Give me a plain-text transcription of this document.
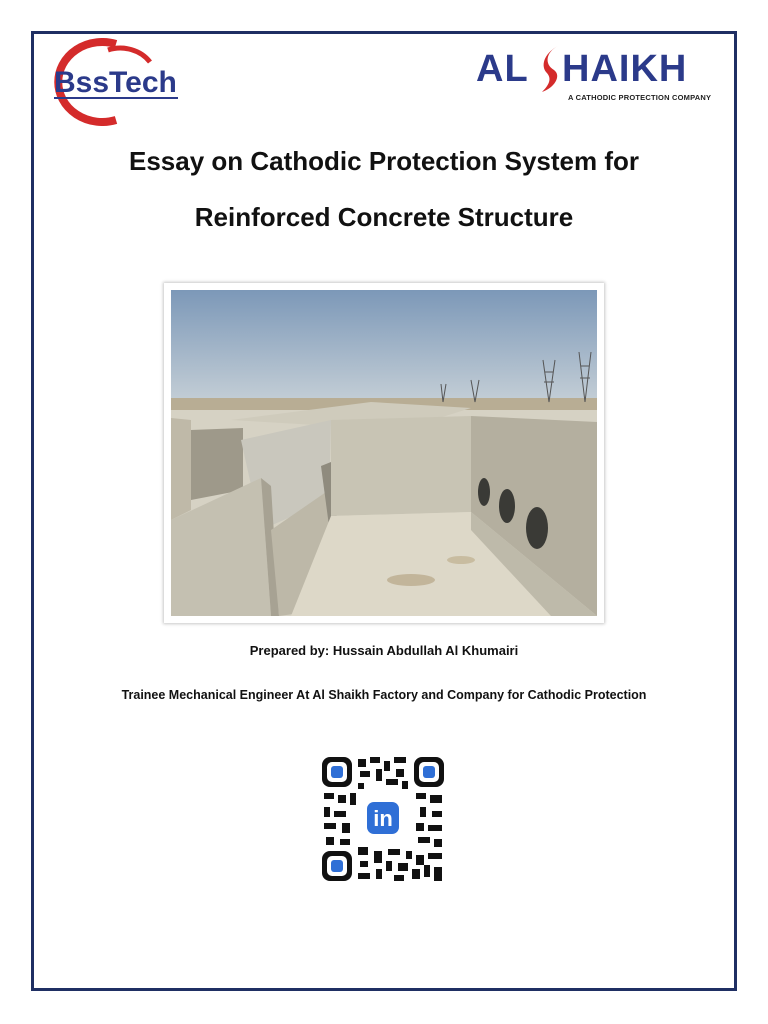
BssTech	AL HAIKH
A CATHODIC PROTECTION COMPANY
Essay on Cathodic Protection System for
Reinforced Concrete Structure
Prepared by: Hussain Abdullah Al Khumairi
Trainee Mechanical Engineer At Al Shaikh Factory and Company for Cathodic Protection
in
